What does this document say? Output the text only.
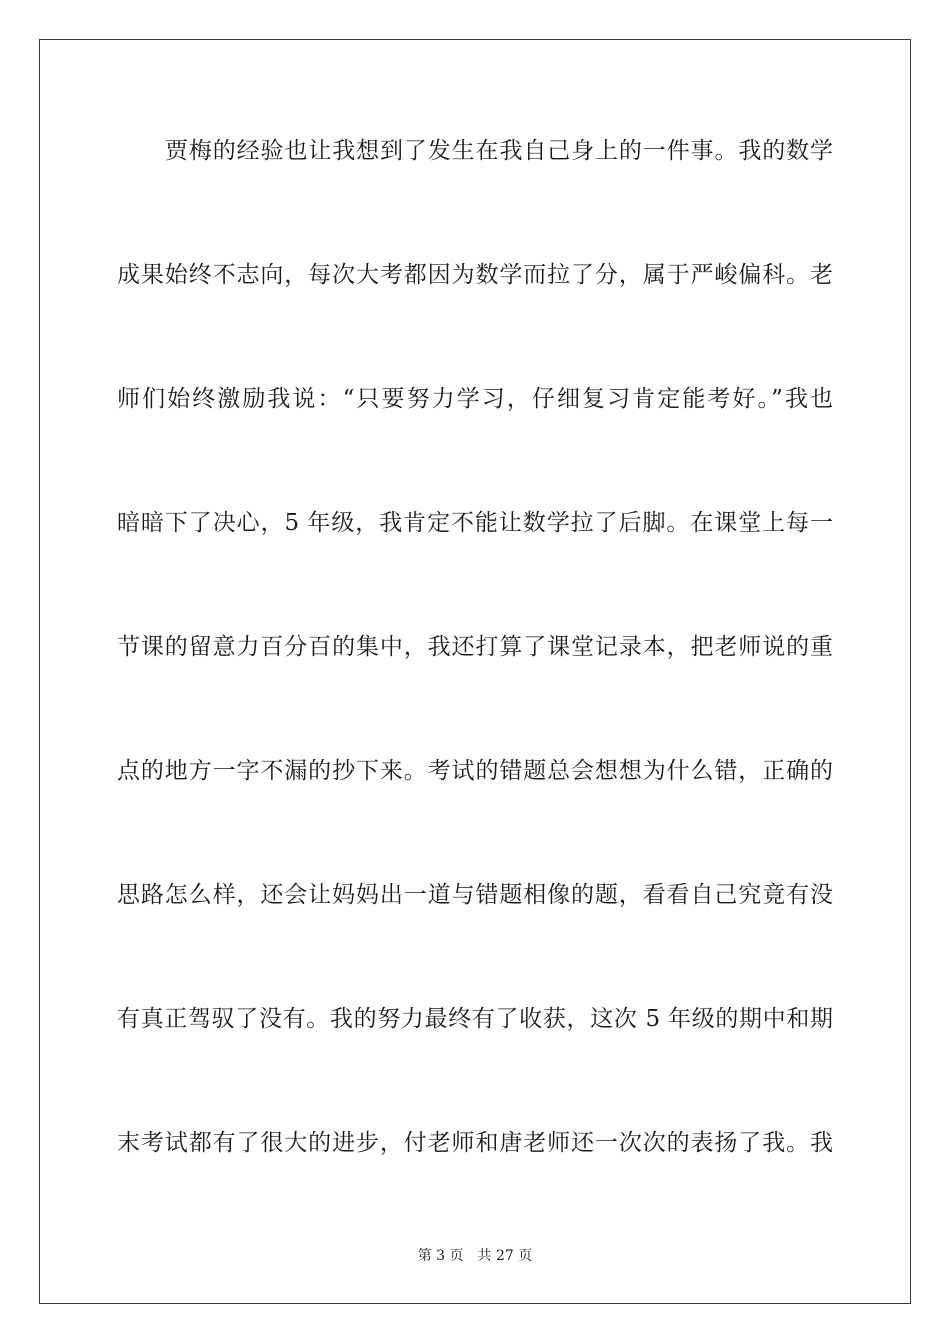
贾梅的经验也让我想到了发生在我自己身上的一件事。我的数学
成果始终不志向，每次大考都因为数学而拉了分，属于严峻偏科。老
师们始终激励我说：“只要努力学习，仔细复习肯定能考好。”我也
暗暗下了决心，5 年级，我肯定不能让数学拉了后脚。在课堂上每一
节课的留意力百分百的集中，我还打算了课堂记录本，把老师说的重
点的地方一字不漏的抄下来。考试的错题总会想想为什么错，正确的
思路怎么样，还会让妈妈出一道与错题相像的题，看看自己究竟有没
有真正驾驭了没有。我的努力最终有了收获，这次 5 年级的期中和期
末考试都有了很大的进步，付老师和唐老师还一次次的表扬了我。我
第 3 页 共 27 页
